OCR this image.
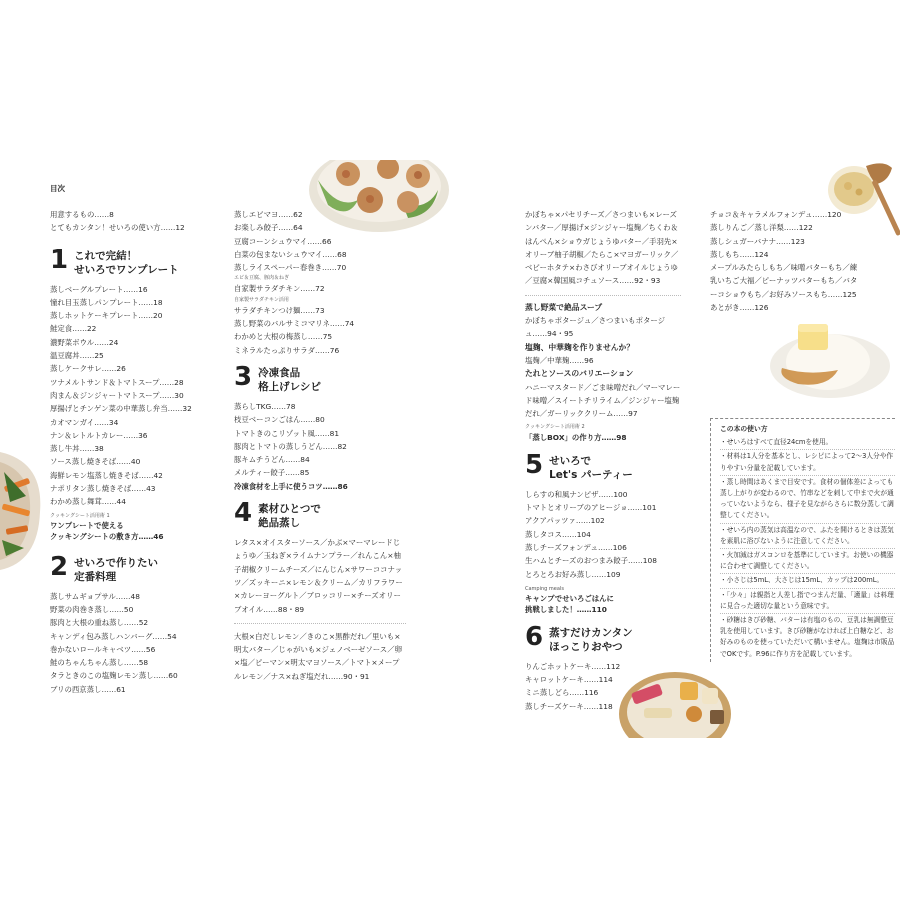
目次
用意するもの……8
とてもカンタン！せいろの使い方……12
1 これで完結！
せいろでワンプレート
蒸しベーグルプレート……16
憧れ目玉蒸しパンプレート……18
蒸しホットケーキプレート……20
鮭定食……22
濃野菜ボウル……24
温豆腐丼……25
蒸しケークサレ……26
ツナメルトサンド＆トマトスープ……28
肉まん＆ジンジャートマトスープ……30
厚揚げとチンゲン菜の中華蒸し弁当……32
カオマンガイ……34
ナン＆レトルトカレー……36
蒸し牛丼……38
ソース蒸し焼きそば……40
海鮮レモン塩蒸し焼きそば……42
ナポリタン蒸し焼きそば……43
わかめ蒸し舞茸……44
クッキングシート活用術 1
ワンプレートで使える
クッキングシートの敷き方……46
2 せいろで作りたい
定番料理
蒸しサムギョプサル……48
野菜の肉巻き蒸し……50
豚肉と大根の重ね蒸し……52
キャンディ包み蒸しハンバーグ……54
巻かないロールキャベツ……56
鮭のちゃんちゃん蒸し……58
タラときのこの塩麹レモン蒸し……60
ブリの西京蒸し……61
蒸しエビマヨ……62
お楽しみ餃子……64
豆腐コーンシュウマイ……66
白菜の包まないシュウマイ……68
蒸しライスペーパー春巻き……70
エビ＆豆腐、豚肉＆ねぎ
自家製サラダチキン……72
自家製サラダチキン活用
サラダチキンつけ麺……73
蒸し野菜のバルサミコマリネ……74
わかめと大根の梅蒸し……75
ミネラルたっぷりサラダ……76
3 冷凍食品
格上げレシピ
蒸らしTKG……78
枝豆ベーコンごはん……80
トマトきのこリゾット風……81
豚肉とトマトの蒸しうどん……82
豚キムチうどん……84
メルティー餃子……85
冷凍食材を上手に使うコツ……86
4 素材ひとつで
絶品蒸し
レタス×オイスターソース／かぶ×マーマレードじょうゆ／玉ねぎ×ライムナンプラー／れんこん×柚子胡椒クリームチーズ／にんじん×サワーココナッツ／ズッキーニ×レモン＆クリーム／カリフラワー×カレーヨーグルト／ブロッコリー×チーズオリーブオイル……88・89
大根×白だしレモン／きのこ×黒酢だれ／里いも×明太バター／じゃがいも×ジェノベーゼソース／卵×塩／ピーマン×明太マヨソース／トマト×メープルレモン／ナス×ねぎ塩だれ……90・91
かぼちゃ×パセリチーズ／さつまいも×レーズンバター／厚揚げ×ジンジャー塩麹／ちくわ＆はんぺん×ショウガじょうゆバター／手羽先×オリーブ柚子胡椒／たらこ×マヨガーリック／ベビーホタテ×わさびオリーブオイルじょうゆ／豆腐×韓国風コチュソース……92・93
蒸し野菜で絶品スープ
かぼちゃポタージュ／さつまいもポタージュ……94・95
塩麹、中華麹を作りませんか？
塩麹／中華麹……96
たれとソースのバリエーション
ハニーマスタード／ごま味噌だれ／マーマレード味噌／スイートチリライム／ジンジャー塩麹だれ／ガーリッククリーム……97
クッキングシート活用術 2
「蒸しBOX」の作り方……98
5 せいろで
Let's パーティー
しらすの和風ナンピザ……100
トマトとオリーブのアヒージョ……101
アクアパッツァ……102
蒸しタコス……104
蒸しチーズフォンデュ……106
生ハムとチーズのおつまみ餃子……108
とろとろお好み蒸し……109
Camping meals
キャンプでせいろごはんに
挑戦しました！……110
6 蒸すだけカンタン
ほっこりおやつ
りんごホットケーキ……112
キャロットケーキ……114
ミニ蒸しどら……116
蒸しチーズケーキ……118
チョコ＆キャラメルフォンデュ……120
蒸しりんご／蒸し洋梨……122
蒸しシュガーバナナ……123
蒸しもち……124
メープルみたらしもち／味噌バターもち／練乳いちご大福／ピーナッツバターもち／バターコショウもち／お好みソースもち……125
あとがき……126
この本の使い方
・せいろはすべて直径24cmを使用。
・材料は1人分を基本とし、レシピによって2〜3人分や作りやすい分量を記載しています。
・蒸し時間はあくまで目安です。食材の個体差によっても蒸し上がりが変わるので、竹串などを刺して中まで火が通っていないようなら、様子を見ながらさらに数分蒸して調整してください。
・せいろ内の蒸気は高温なので、ふたを開けるときは蒸気を素肌に浴びないように注意してください。
・火加減はガスコンロを基準にしています。お使いの機器に合わせて調整してください。
・小さじは5mL、大さじは15mL、カップは200mL。
・「少々」は親指と人差し指でつまんだ量、「適量」は料理に見合った適切な量という意味です。
・砂糖はきび砂糖、バターは有塩のもの、豆乳は無調整豆乳を使用しています。きび砂糖がなければ上白糖など、お好みのものを使っていただいて構いません。塩麹は市販品でOKです。P.96に作り方を記載しています。
